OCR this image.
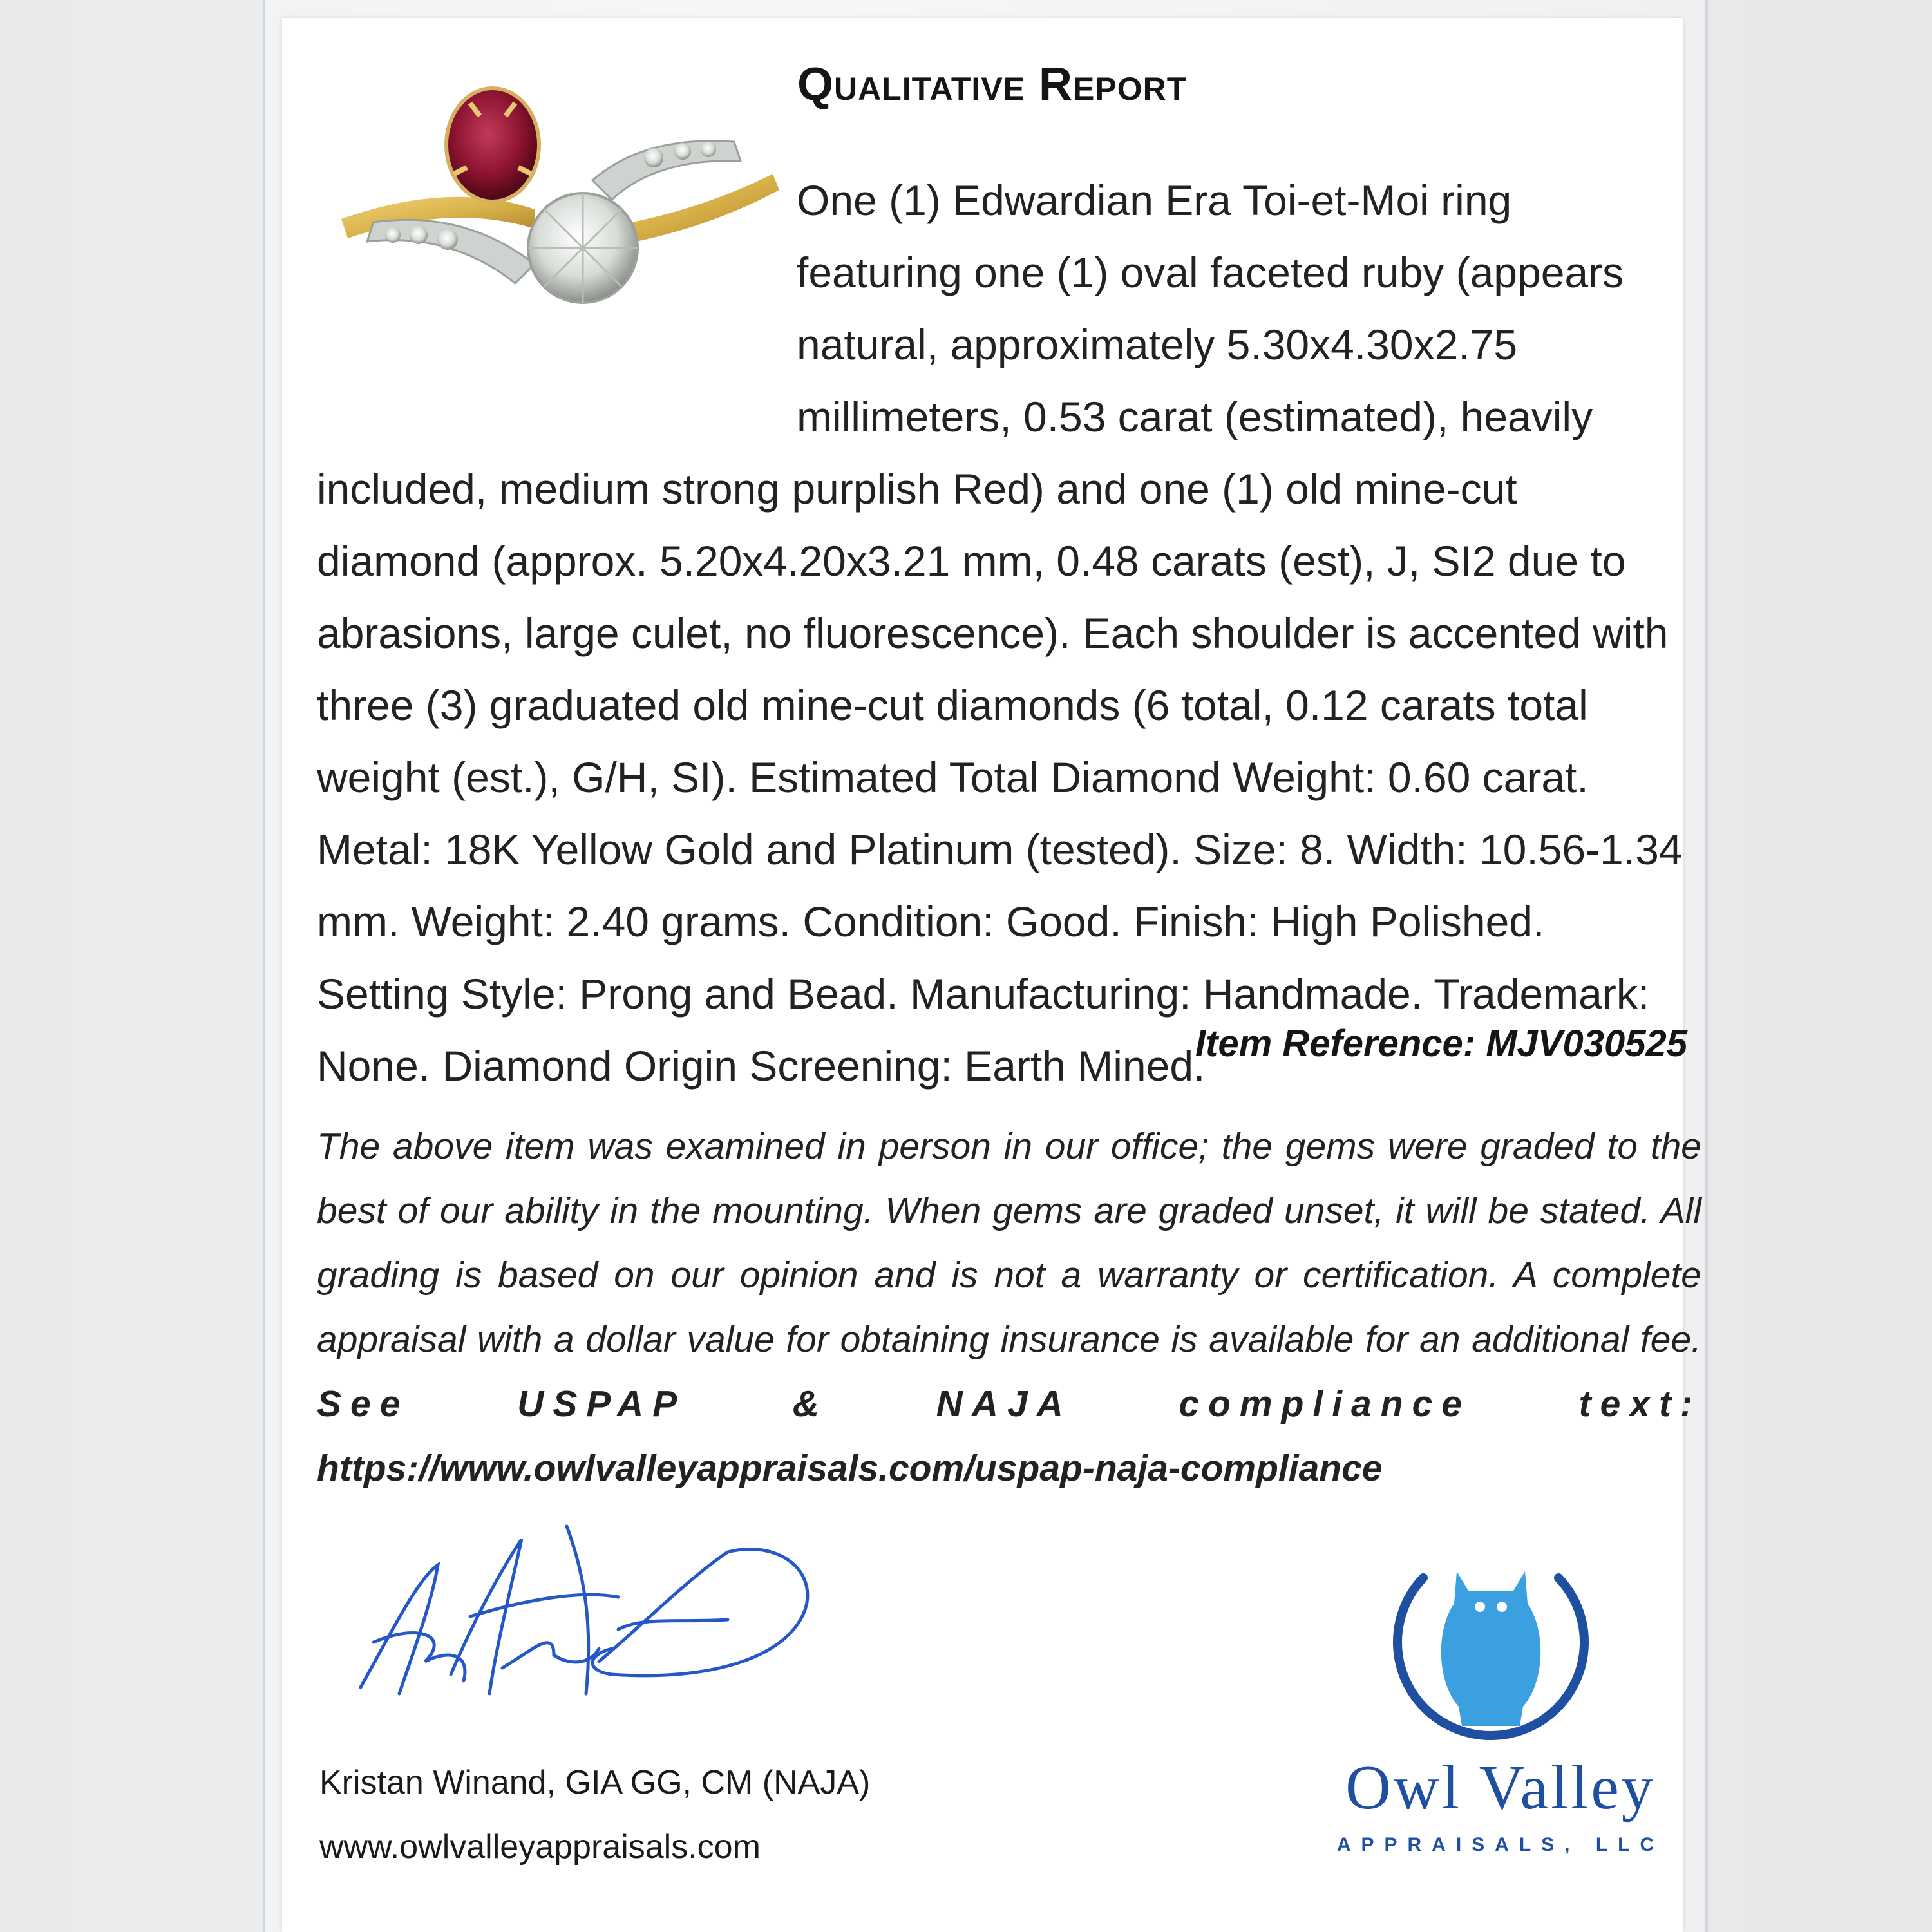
Qualitative Report
One (1) Edwardian Era Toi-et-Moi ring featuring one (1) oval faceted ruby (appears natural, approximately 5.30x4.30x2.75 millimeters, 0.53 carat (estimated), heavily included, medium strong purplish Red) and one (1) old mine-cut diamond (approx. 5.20x4.20x3.21 mm, 0.48 carats (est), J, SI2 due to abrasions, large culet, no fluorescence). Each shoulder is accented with three (3) graduated old mine-cut diamonds (6 total, 0.12 carats total weight (est.), G/H, SI). Estimated Total Diamond Weight: 0.60 carat. Metal: 18K Yellow Gold and Platinum (tested). Size: 8. Width: 10.56-1.34 mm. Weight: 2.40 grams. Condition: Good. Finish: High Polished. Setting Style: Prong and Bead. Manufacturing: Handmade. Trademark: None. Diamond Origin Screening: Earth Mined.
Item Reference: MJV030525
The above item was examined in person in our office; the gems were graded to the best of our ability in the mounting. When gems are graded unset, it will be stated. All grading is based on our opinion and is not a warranty or certification. A complete appraisal with a dollar value for obtaining insurance is available for an additional fee. See USPAP & NAJA compliance text: https://www.owlvalleyappraisals.com/uspap-naja-compliance
Kristan Winand, GIA GG, CM (NAJA)
www.owlvalleyappraisals.com
Owl Valley
APPRAISALS, LLC
